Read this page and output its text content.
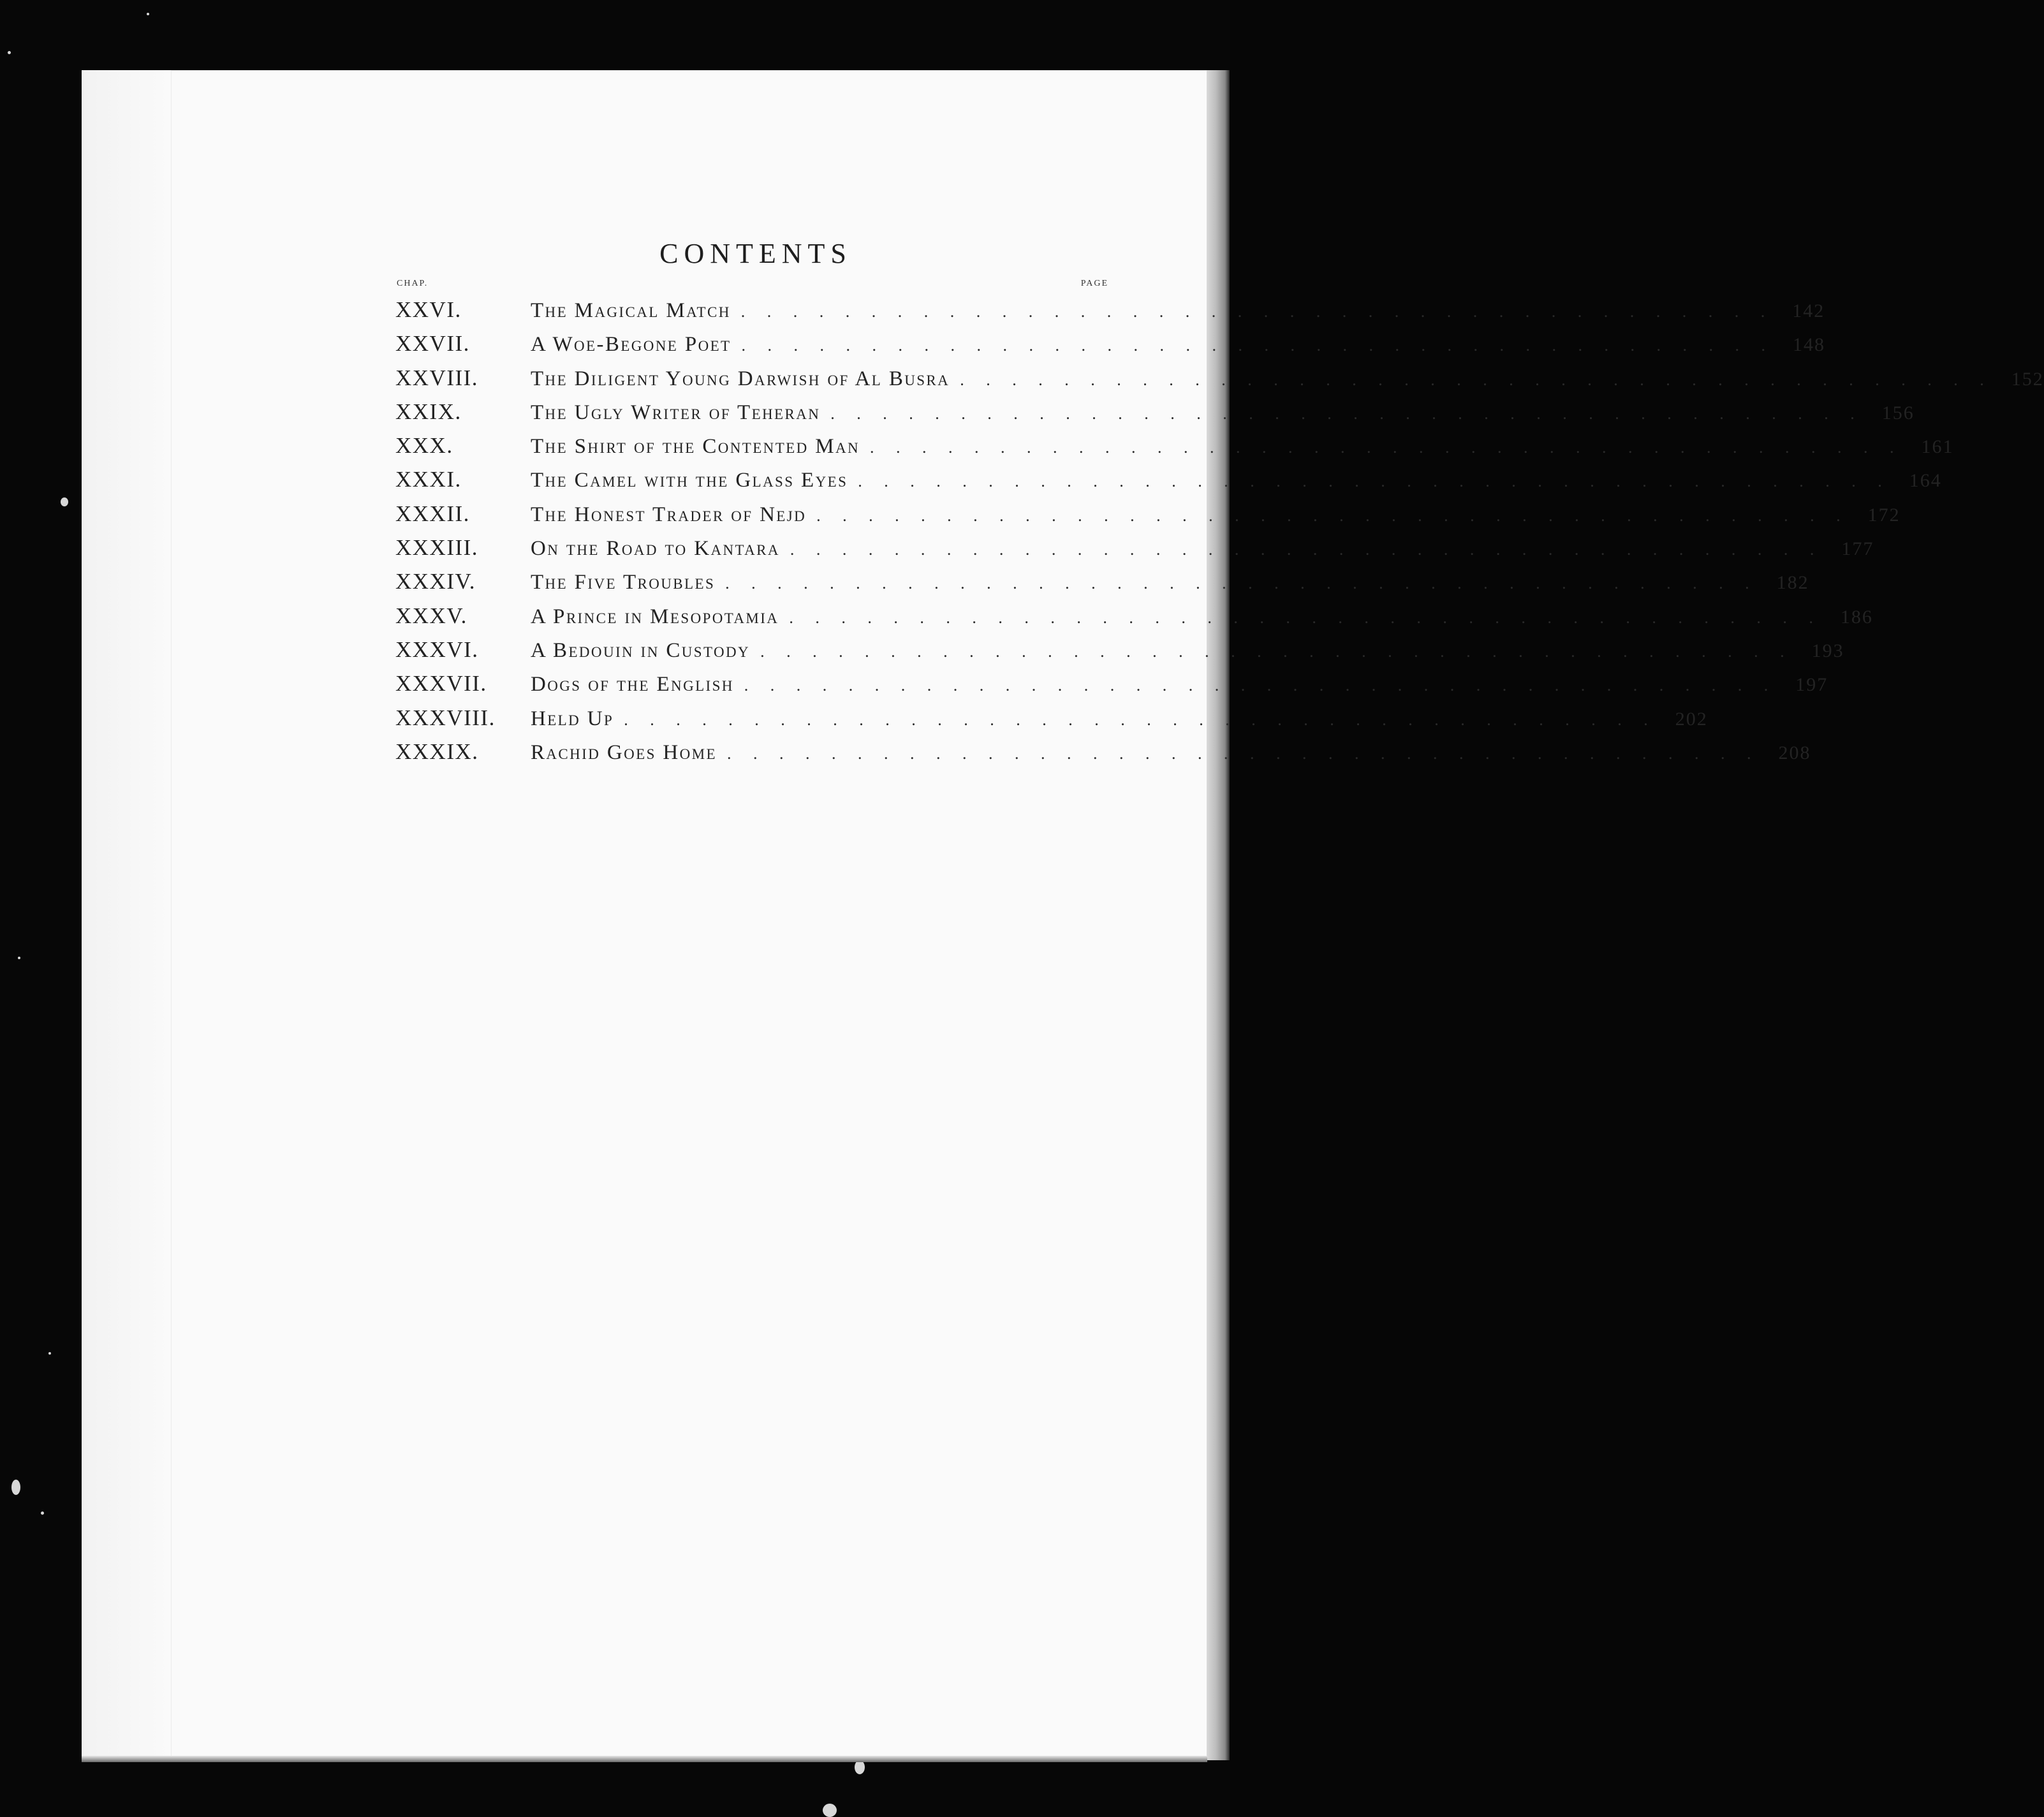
CONTENTS
CHAP.	PAGE
XXVI.	The Magical Match . . . . . . . . . . . . . . . . . . . . . . . . . . . . . . . . . . . . . . . . 142
XXVII.	A Woe-Begone Poet . . . . . . . . . . . . . . . . . . . . . . . . . . . . . . . . . . . . . . . . 148
XXVIII.	The Diligent Young Darwish of Al Busra . . . . . . . . . . . . . . . . . . . . . . . . . . . . . . . . . . . . . . . . 152
XXIX.	The Ugly Writer of Teheran . . . . . . . . . . . . . . . . . . . . . . . . . . . . . . . . . . . . . . . . 156
XXX.	The Shirt of the Contented Man . . . . . . . . . . . . . . . . . . . . . . . . . . . . . . . . . . . . . . . . 161
XXXI.	The Camel with the Glass Eyes . . . . . . . . . . . . . . . . . . . . . . . . . . . . . . . . . . . . . . . . 164
XXXII.	The Honest Trader of Nejd . . . . . . . . . . . . . . . . . . . . . . . . . . . . . . . . . . . . . . . . 172
XXXIII.	On the Road to Kantara . . . . . . . . . . . . . . . . . . . . . . . . . . . . . . . . . . . . . . . . 177
XXXIV.	The Five Troubles . . . . . . . . . . . . . . . . . . . . . . . . . . . . . . . . . . . . . . . . 182
XXXV.	A Prince in Mesopotamia . . . . . . . . . . . . . . . . . . . . . . . . . . . . . . . . . . . . . . . . 186
XXXVI.	A Bedouin in Custody . . . . . . . . . . . . . . . . . . . . . . . . . . . . . . . . . . . . . . . . 193
XXXVII.	Dogs of the English . . . . . . . . . . . . . . . . . . . . . . . . . . . . . . . . . . . . . . . . 197
XXXVIII.	Held Up . . . . . . . . . . . . . . . . . . . . . . . . . . . . . . . . . . . . . . . . 202
XXXIX.	Rachid Goes Home . . . . . . . . . . . . . . . . . . . . . . . . . . . . . . . . . . . . . . . . 208
